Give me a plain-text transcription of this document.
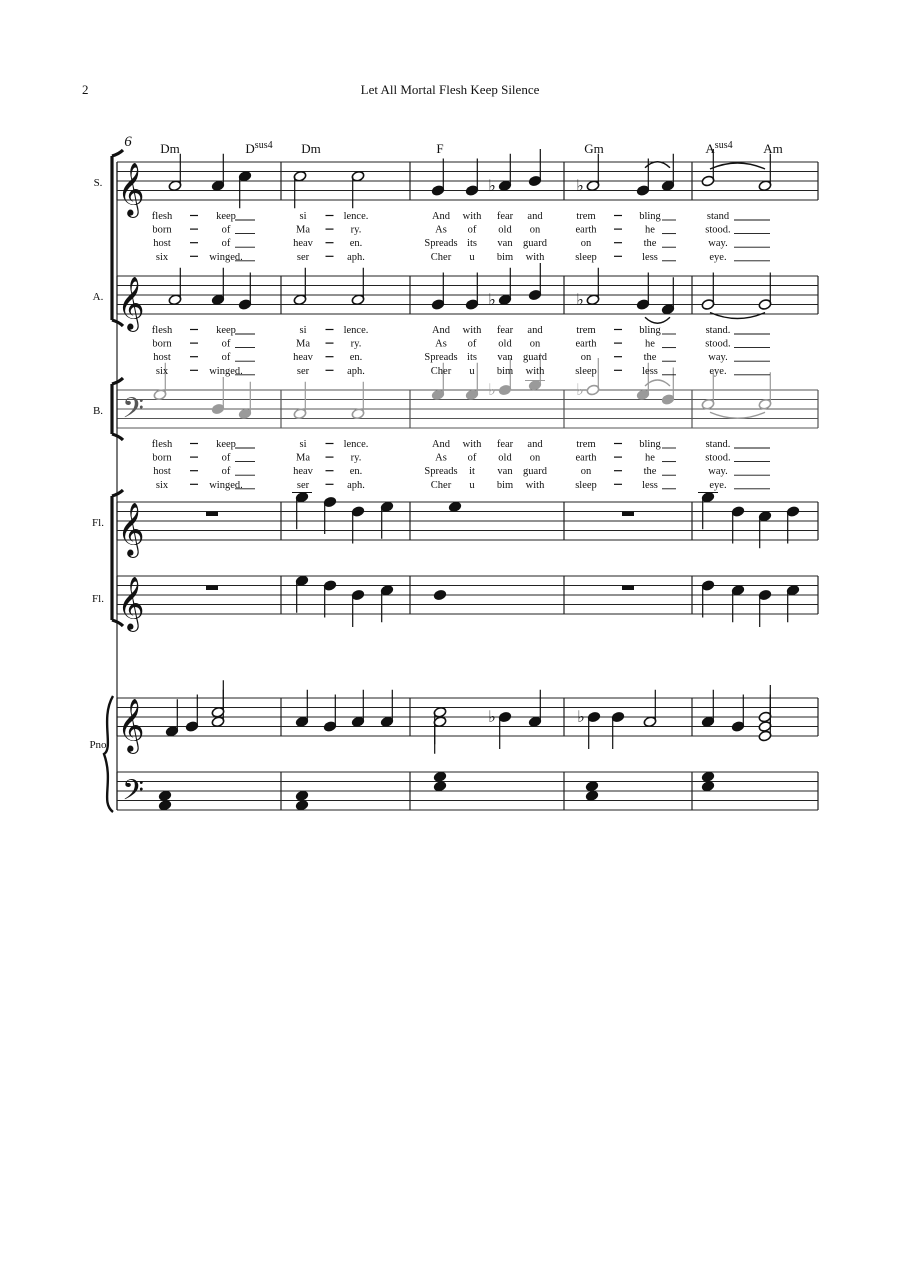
2	Let All Mortal Flesh Keep Silence
𝄞
𝄞
𝄢
𝄞
𝄞
𝄞
𝄢
S.
A.
B.
Fl.
Fl.
Pno
6 Dm	$D^{sus4}$ Dm	F	Gm	$A^{sus4}$ Am
♭	♭
♭	♭
♭	♭
♭	♭
flesh	keep	si	lence.	And with fear and	trem	bling	stand
born	of	Ma	ry.	As of old on	earth	he	stood.
host	of	heav	en.	Spreads its van guard	on	the	way.
six	winged.	ser	aph.	Cher u bim with	sleep	less	eye.
flesh	keep	si	lence.	And with fear and	trem	bling	stand.
born	of	Ma	ry.	As of old on	earth	he	stood.
host	of	heav	en.	Spreads its van guard	on	the	way.
six	winged.	ser	aph.	Cher u bim with	sleep	less	eye.
flesh	keep	si	lence.	And with fear and	trem	bling	stand.
born	of	Ma	ry.	As of old on	earth	he	stood.
host	of	heav	en.	Spreads it van guard	on	the	way.
six	winged.	ser	aph.	Cher u bim with	sleep	less	eye.
